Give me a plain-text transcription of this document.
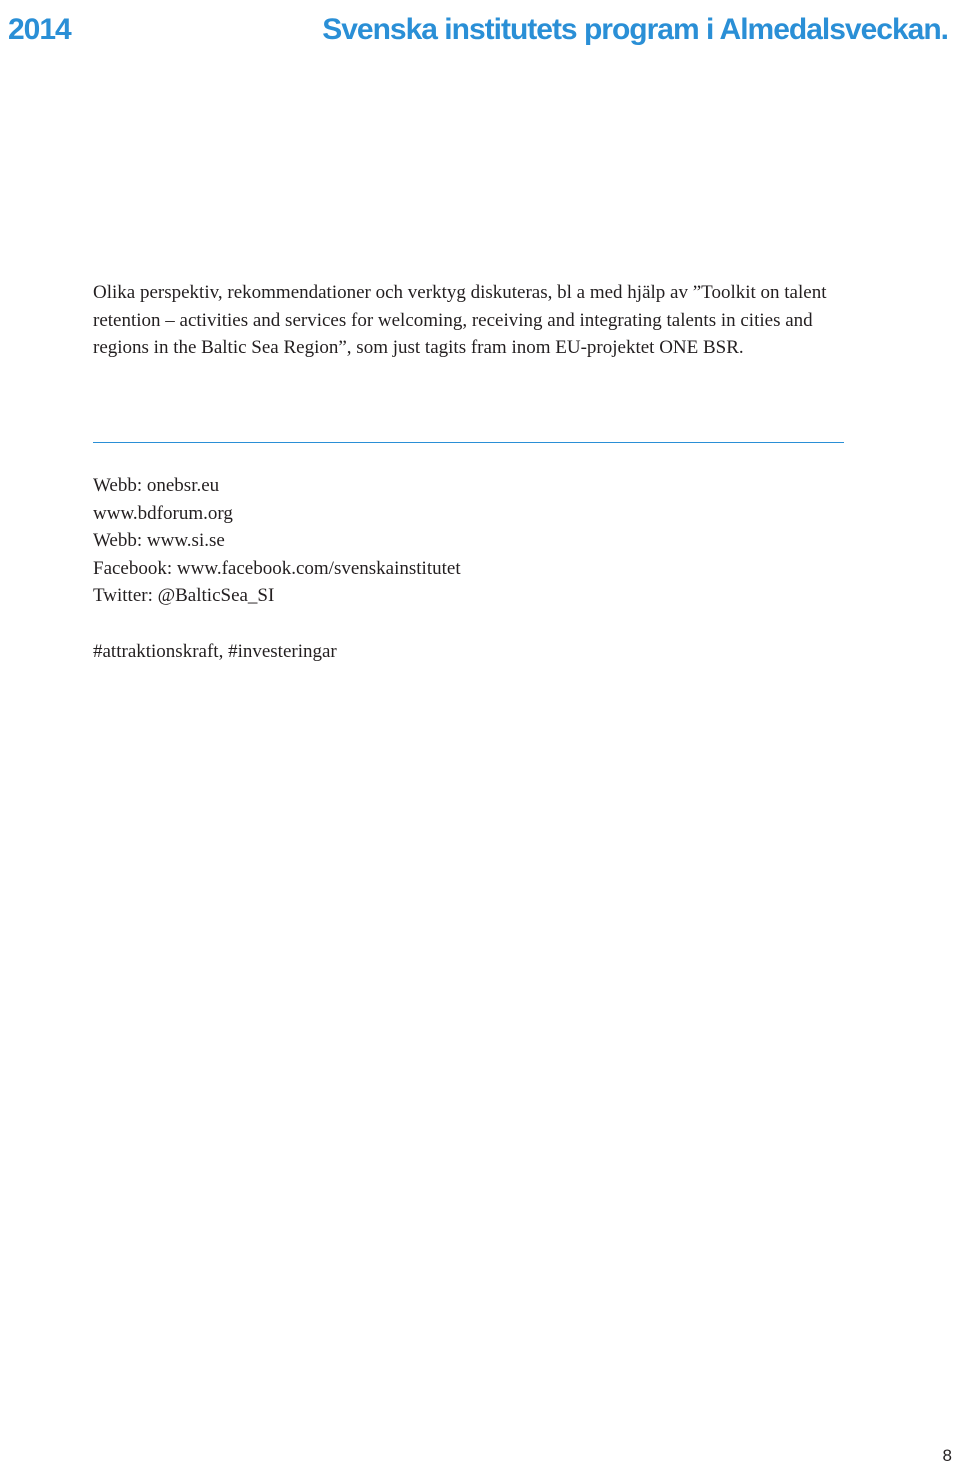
2014	Svenska institutets program i Almedalsveckan.

Olika perspektiv, rekommendationer och verktyg diskuteras, bl a med hjälp av ”Toolkit on talent retention – activities and services for welcoming, receiving and integrating talents in cities and regions in the Baltic Sea Region”, som just tagits fram inom EU-projektet ONE BSR.

Webb: onebsr.eu
www.bdforum.org
Webb: www.si.se
Facebook: www.facebook.com/svenskainstitutet
Twitter: @BalticSea_SI
#attraktionskraft, #investeringar
8
